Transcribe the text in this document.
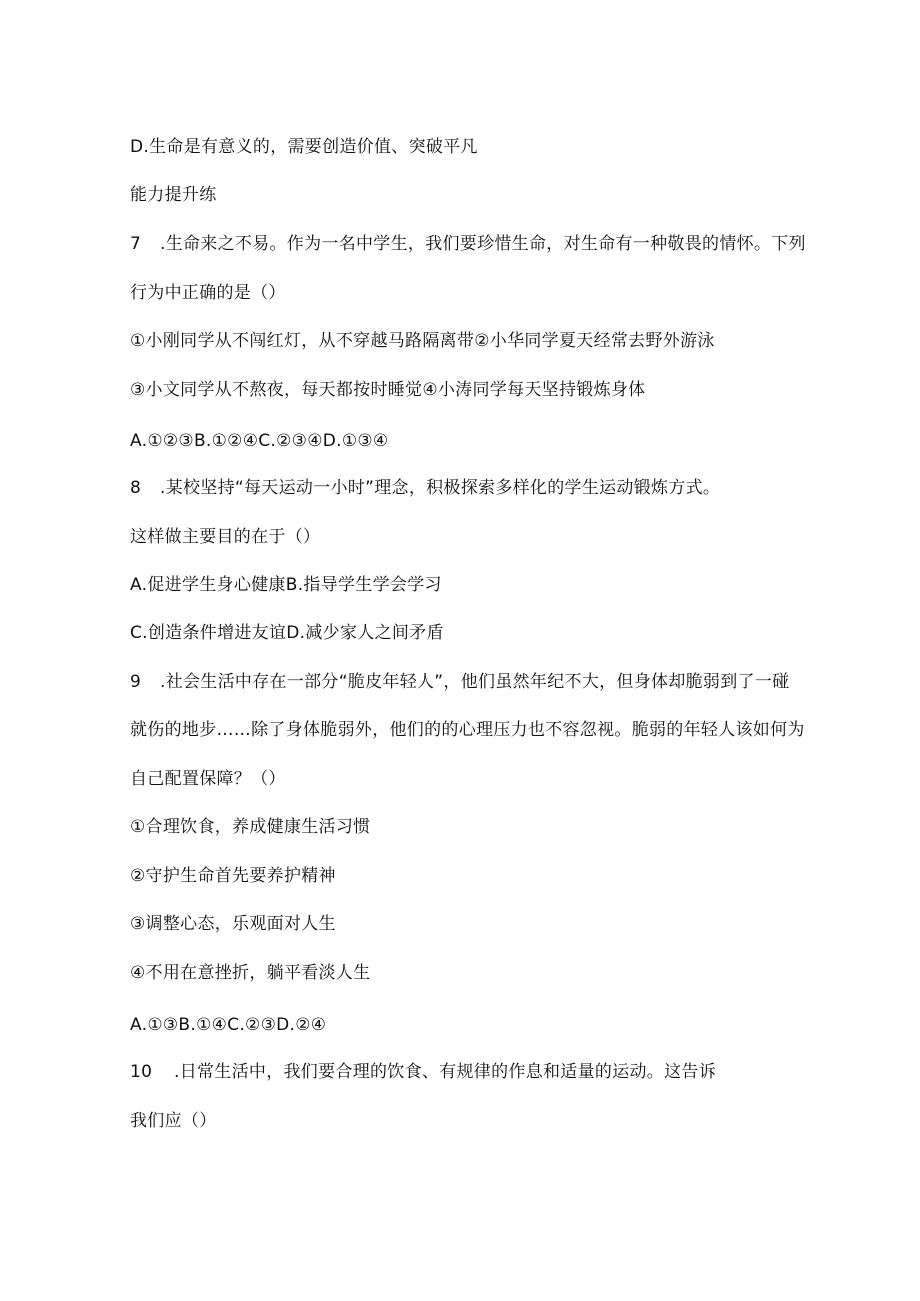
D.生命是有意义的，需要创造价值、突破平凡
能力提升练
7 .生命来之不易。作为一名中学生，我们要珍惜生命，对生命有一种敬畏的情怀。下列
行为中正确的是（）
①小刚同学从不闯红灯，从不穿越马路隔离带②小华同学夏天经常去野外游泳
③小文同学从不熬夜，每天都按时睡觉④小涛同学每天坚持锻炼身体
A.①②③B.①②④C.②③④D.①③④
8 .某校坚持“每天运动一小时”理念，积极探索多样化的学生运动锻炼方式。
这样做主要目的在于（）
A.促进学生身心健康B.指导学生学会学习
C.创造条件增进友谊D.减少家人之间矛盾
9 .社会生活中存在一部分“脆皮年轻人”，他们虽然年纪不大，但身体却脆弱到了一碰
就伤的地步……除了身体脆弱外，他们的的心理压力也不容忽视。脆弱的年轻人该如何为
自己配置保障？（）
①合理饮食，养成健康生活习惯
②守护生命首先要养护精神
③调整心态，乐观面对人生
④不用在意挫折，躺平看淡人生
A.①③B.①④C.②③D.②④
10 .日常生活中，我们要合理的饮食、有规律的作息和适量的运动。这告诉
我们应（）
